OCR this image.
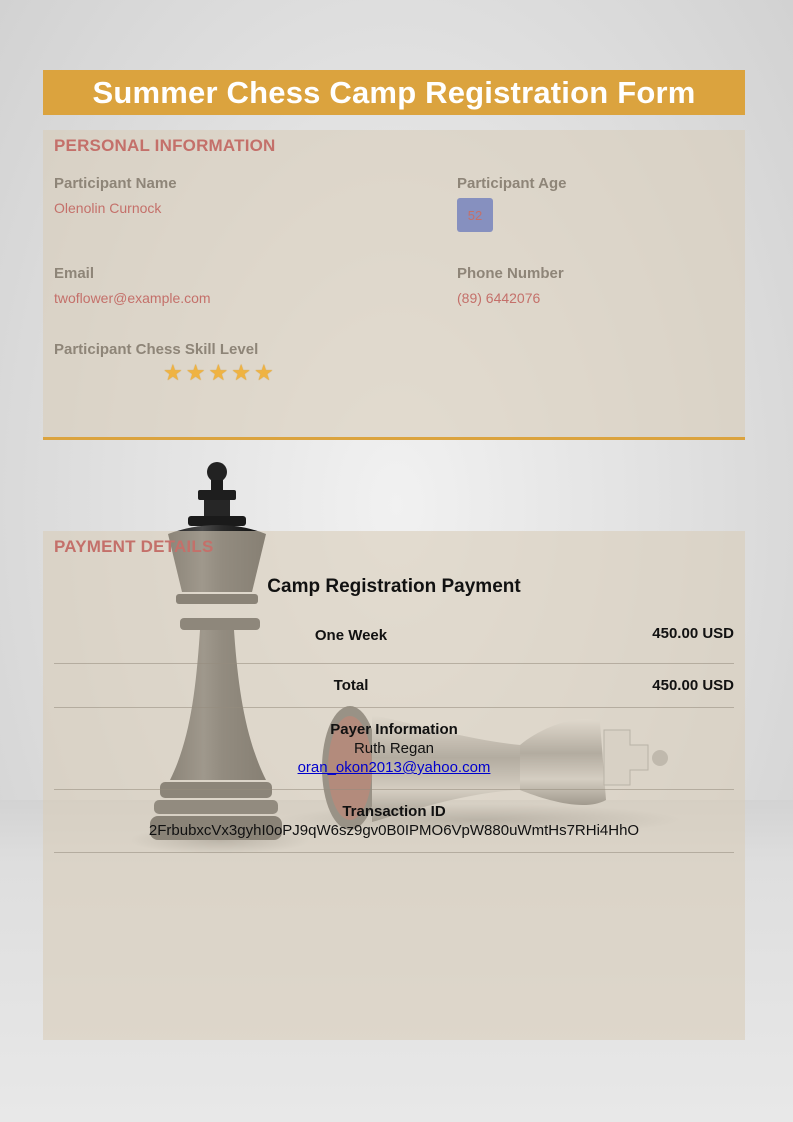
Summer Chess Camp Registration Form
PERSONAL INFORMATION
Participant Name
Olenolin Curnock
Participant Age
52
Email
twoflower@example.com
Phone Number
(89) 6442076
Participant Chess Skill Level
★ ★ ★ ★ ★
PAYMENT DETAILS
Camp Registration Payment
One Week	450.00 USD
Total	450.00 USD
Payer Information
Ruth Regan
oran_okon2013@yahoo.com
Transaction ID
2FrbubxcVx3gyhI0oPJ9qW6sz9gv0B0IPMO6VpW880uWmtHs7RHi4HhO
